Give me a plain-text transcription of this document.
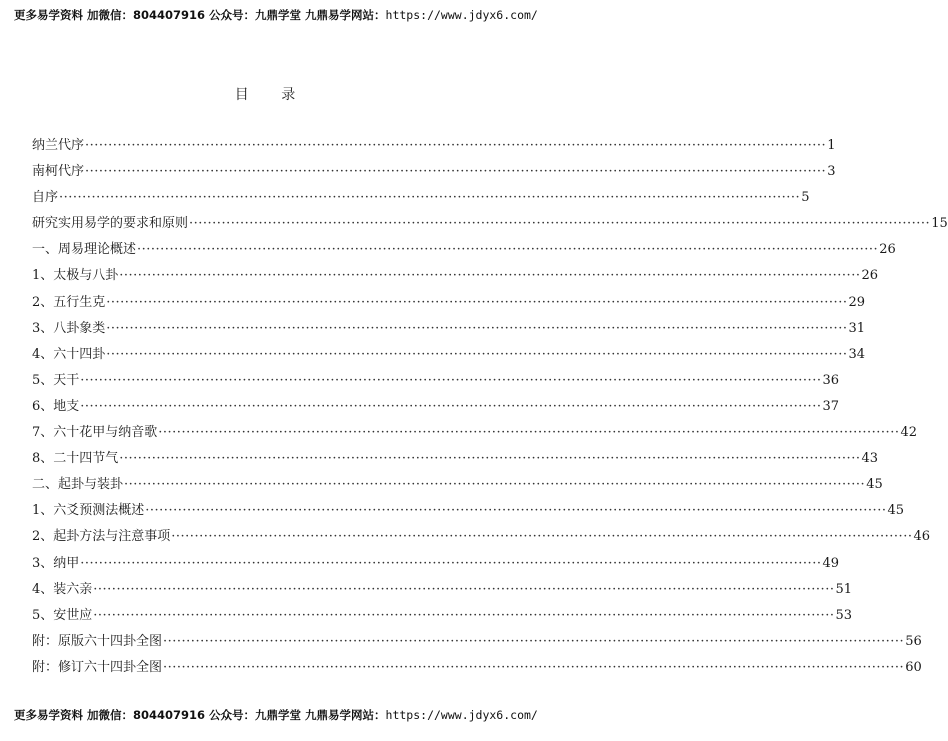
更多易学资料 加微信：804407916 公众号：九鼎学堂 九鼎易学网站：https://www.jdyx6.com/
目 录
纳兰代序 ································································································································································ 1
南柯代序 ································································································································································ 3
自序 ································································································································································ 5
研究实用易学的要求和原则 ································································································································································ 15
一、周易理论概述 ································································································································································ 26
1、太极与八卦 ································································································································································ 26
2、五行生克 ································································································································································ 29
3、八卦象类 ································································································································································ 31
4、六十四卦 ································································································································································ 34
5、天干 ································································································································································ 36
6、地支 ································································································································································ 37
7、六十花甲与纳音歌 ································································································································································ 42
8、二十四节气 ································································································································································ 43
二、起卦与装卦 ································································································································································ 45
1、六爻预测法概述 ································································································································································ 45
2、起卦方法与注意事项 ································································································································································ 46
3、纳甲 ································································································································································ 49
4、装六亲 ································································································································································ 51
5、安世应 ································································································································································ 53
附：原版六十四卦全图 ································································································································································ 56
附：修订六十四卦全图 ································································································································································ 60
更多易学资料 加微信：804407916 公众号：九鼎学堂 九鼎易学网站：https://www.jdyx6.com/
